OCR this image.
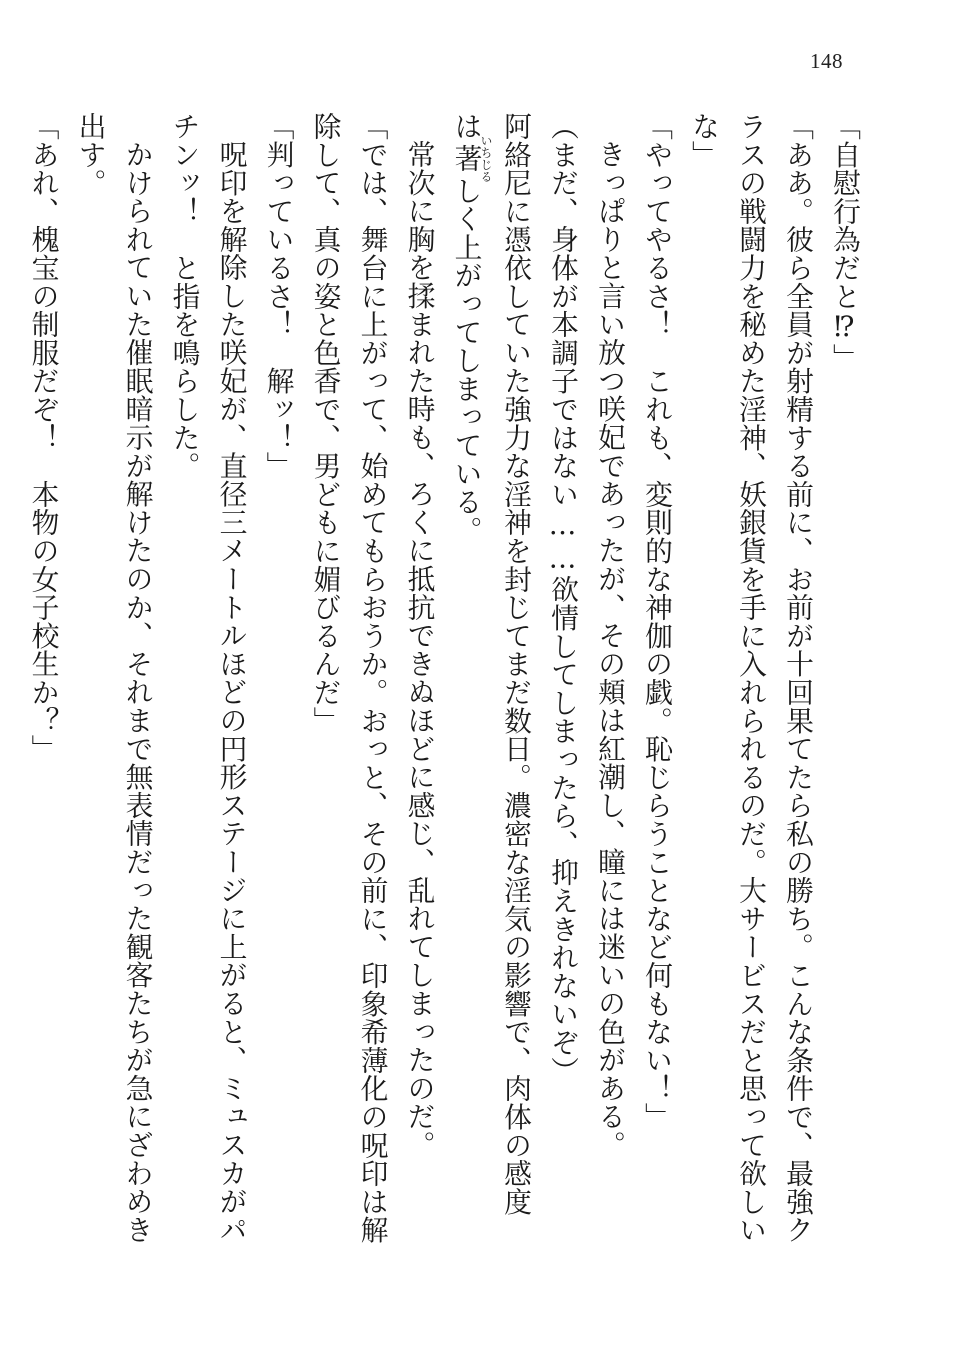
148

「自慰行為だと⁉」

「ああ。彼ら全員が射精する前に、お前が十回果てたら私の勝ち。こんな条件で、最強ク

ラスの戦闘力を秘めた淫神、妖銀貨を手に入れられるのだ。大サービスだと思って欲しい

な」

「やってやるさ！　これも、変則的な神伽の戯。恥じらうことなど何もない！」

きっぱりと言い放つ咲妃であったが、その頬は紅潮し、瞳には迷いの色がある。

（まだ、身体が本調子ではない……欲情してしまったら、抑えきれないぞ）

阿絡尼に憑依していた強力な淫神を封じてまだ数日。濃密な淫気の影響で、肉体の感度

は著いちじるしく上がってしまっている。

常次に胸を揉まれた時も、ろくに抵抗できぬほどに感じ、乱れてしまったのだ。

「では、舞台に上がって、始めてもらおうか。おっと、その前に、印象希薄化の呪印は解

除して、真の姿と色香で、男どもに媚びるんだ」

「判っているさ！　解ッ！」

呪印を解除した咲妃が、直径三メートルほどの円形ステージに上がると、ミュスカがパ

チンッ！　と指を鳴らした。

かけられていた催眠暗示が解けたのか、それまで無表情だった観客たちが急にざわめき

出す。

「あれ、槐宝の制服だぞ！　本物の女子校生か？」
